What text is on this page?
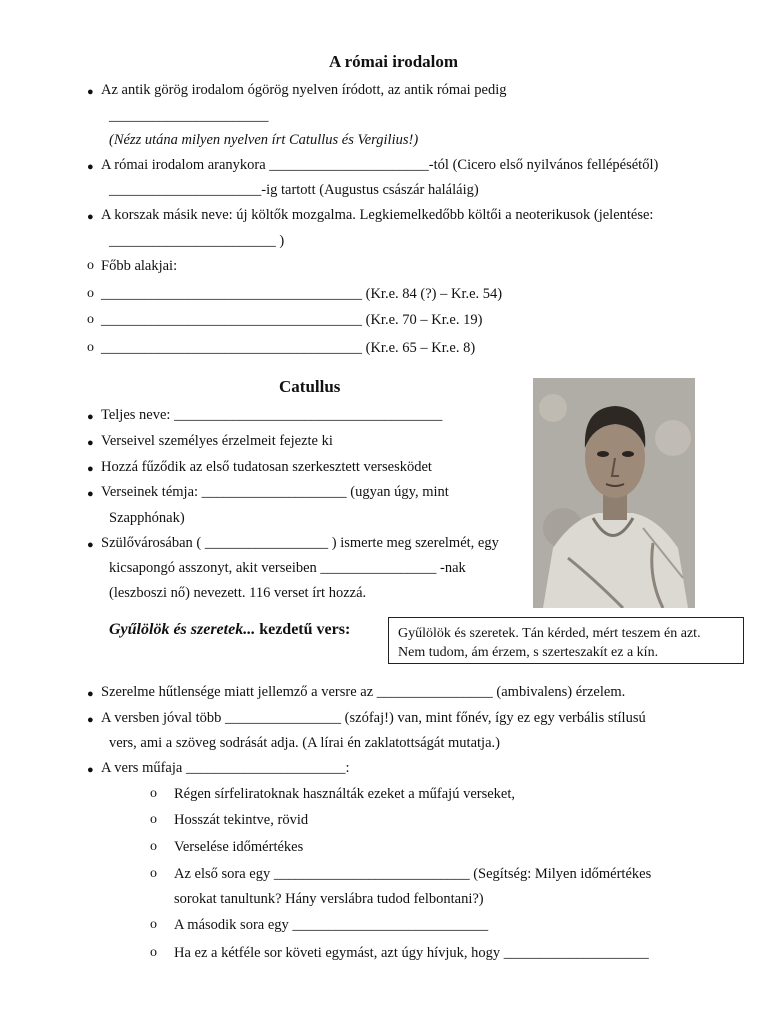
A római irodalom
● Az antik görög irodalom ógörög nyelven íródott, az antik római pedig
______________________
(Nézz utána milyen nyelven írt Catullus és Vergilius!)
● A római irodalom aranykora ______________________-tól (Cicero első nyilvános fellépésétől)
_____________________-ig tartott (Augustus császár haláláig)
● A korszak másik neve: új költők mozgalma. Legkiemelkedőbb költői a neoterikusok (jelentése:
_______________________ )
o Főbb alakjai:
o ____________________________________ (Kr.e. 84 (?) – Kr.e. 54)
o ____________________________________ (Kr.e. 70 – Kr.e. 19)
o ____________________________________ (Kr.e. 65 – Kr.e. 8)
Catullus
● Teljes neve: _____________________________________
● Verseivel személyes érzelmeit fejezte ki
● Hozzá fűződik az első tudatosan szerkesztett versesködet
● Verseinek témja: ____________________ (ugyan úgy, mint
Szapphónak)
● Szülővárosában ( _________________ ) ismerte meg szerelmét, egy
kicsapongó asszonyt, akit verseiben ________________ -nak
(leszboszi nő) nevezett. 116 verset írt hozzá.
Gyűlölök és szeretek... kezdetű vers:	Gyűlölök és szeretek. Tán kérded, mért teszem én azt.
Nem tudom, ám érzem, s szerteszakít ez a kín.
● Szerelme hűtlensége miatt jellemző a versre az ________________ (ambivalens) érzelem.
● A versben jóval több ________________ (szófaj!) van, mint főnév, így ez egy verbális stílusú
vers, ami a szöveg sodrását adja. (A lírai én zaklatottságát mutatja.)
● A vers műfaja ______________________:
o Régen sírfeliratoknak használták ezeket a műfajú verseket,
o Hosszát tekintve, rövid
o Verselése időmértékes
o Az első sora egy ___________________________ (Segítség: Milyen időmértékes
sorokat tanultunk? Hány verslábra tudod felbontani?)
o A második sora egy ___________________________
o Ha ez a kétféle sor követi egymást, azt úgy hívjuk, hogy ____________________
